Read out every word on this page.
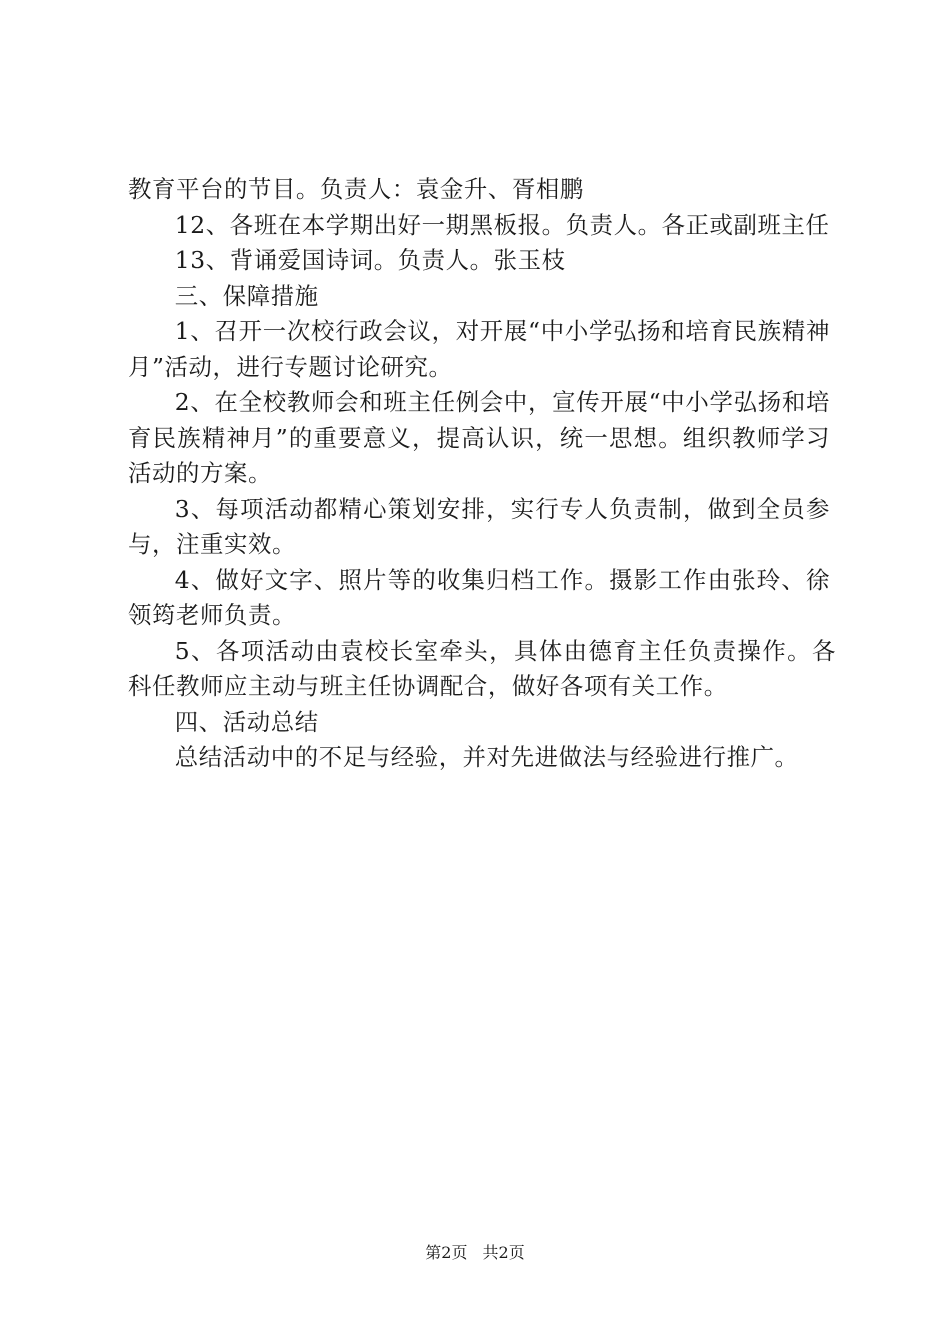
教育平台的节目。负责人：袁金升、胥相鹏

12、各班在本学期出好一期黑板报。负责人。各正或副班主任

13、背诵爱国诗词。负责人。张玉枝

三、保障措施

1、召开一次校行政会议，对开展“中小学弘扬和培育民族精神月”活动，进行专题讨论研究。

2、在全校教师会和班主任例会中，宣传开展“中小学弘扬和培育民族精神月”的重要意义，提高认识，统一思想。组织教师学习活动的方案。

3、每项活动都精心策划安排，实行专人负责制，做到全员参与，注重实效。

4、做好文字、照片等的收集归档工作。摄影工作由张玲、徐领筠老师负责。

5、各项活动由袁校长室牵头，具体由德育主任负责操作。各科任教师应主动与班主任协调配合，做好各项有关工作。

四、活动总结

总结活动中的不足与经验，并对先进做法与经验进行推广。

第2页 共2页
